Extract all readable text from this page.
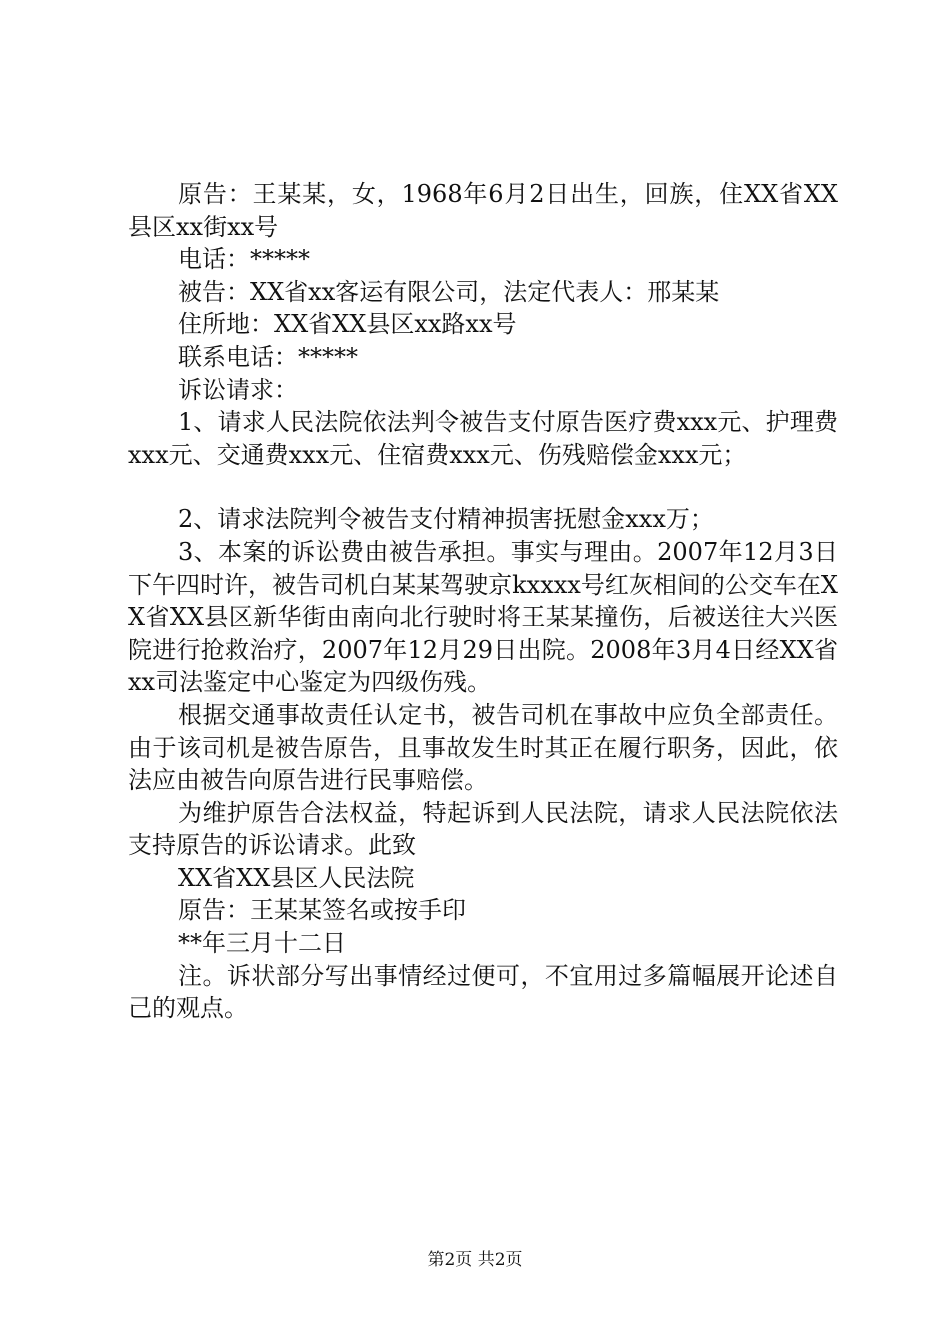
原告：王某某，女，1968年6月2日出生，回族，住XX省XX县区xx街xx号

电话：*****

被告：XX省xx客运有限公司，法定代表人：邢某某

住所地：XX省XX县区xx路xx号

联系电话：*****

诉讼请求：

1、请求人民法院依法判令被告支付原告医疗费xxx元、护理费xxx元、交通费xxx元、住宿费xxx元、伤残赔偿金xxx元；

2、请求法院判令被告支付精神损害抚慰金xxx万；

3、本案的诉讼费由被告承担。事实与理由。2007年12月3日下午四时许，被告司机白某某驾驶京kxxxx号红灰相间的公交车在XX省XX县区新华街由南向北行驶时将王某某撞伤，后被送往大兴医院进行抢救治疗，2007年12月29日出院。2008年3月4日经XX省xx司法鉴定中心鉴定为四级伤残。

根据交通事故责任认定书，被告司机在事故中应负全部责任。由于该司机是被告原告，且事故发生时其正在履行职务，因此，依法应由被告向原告进行民事赔偿。

为维护原告合法权益，特起诉到人民法院，请求人民法院依法支持原告的诉讼请求。此致

XX省XX县区人民法院

原告：王某某签名或按手印

**年三月十二日

注。诉状部分写出事情经过便可，不宜用过多篇幅展开论述自己的观点。

第2页 共2页
